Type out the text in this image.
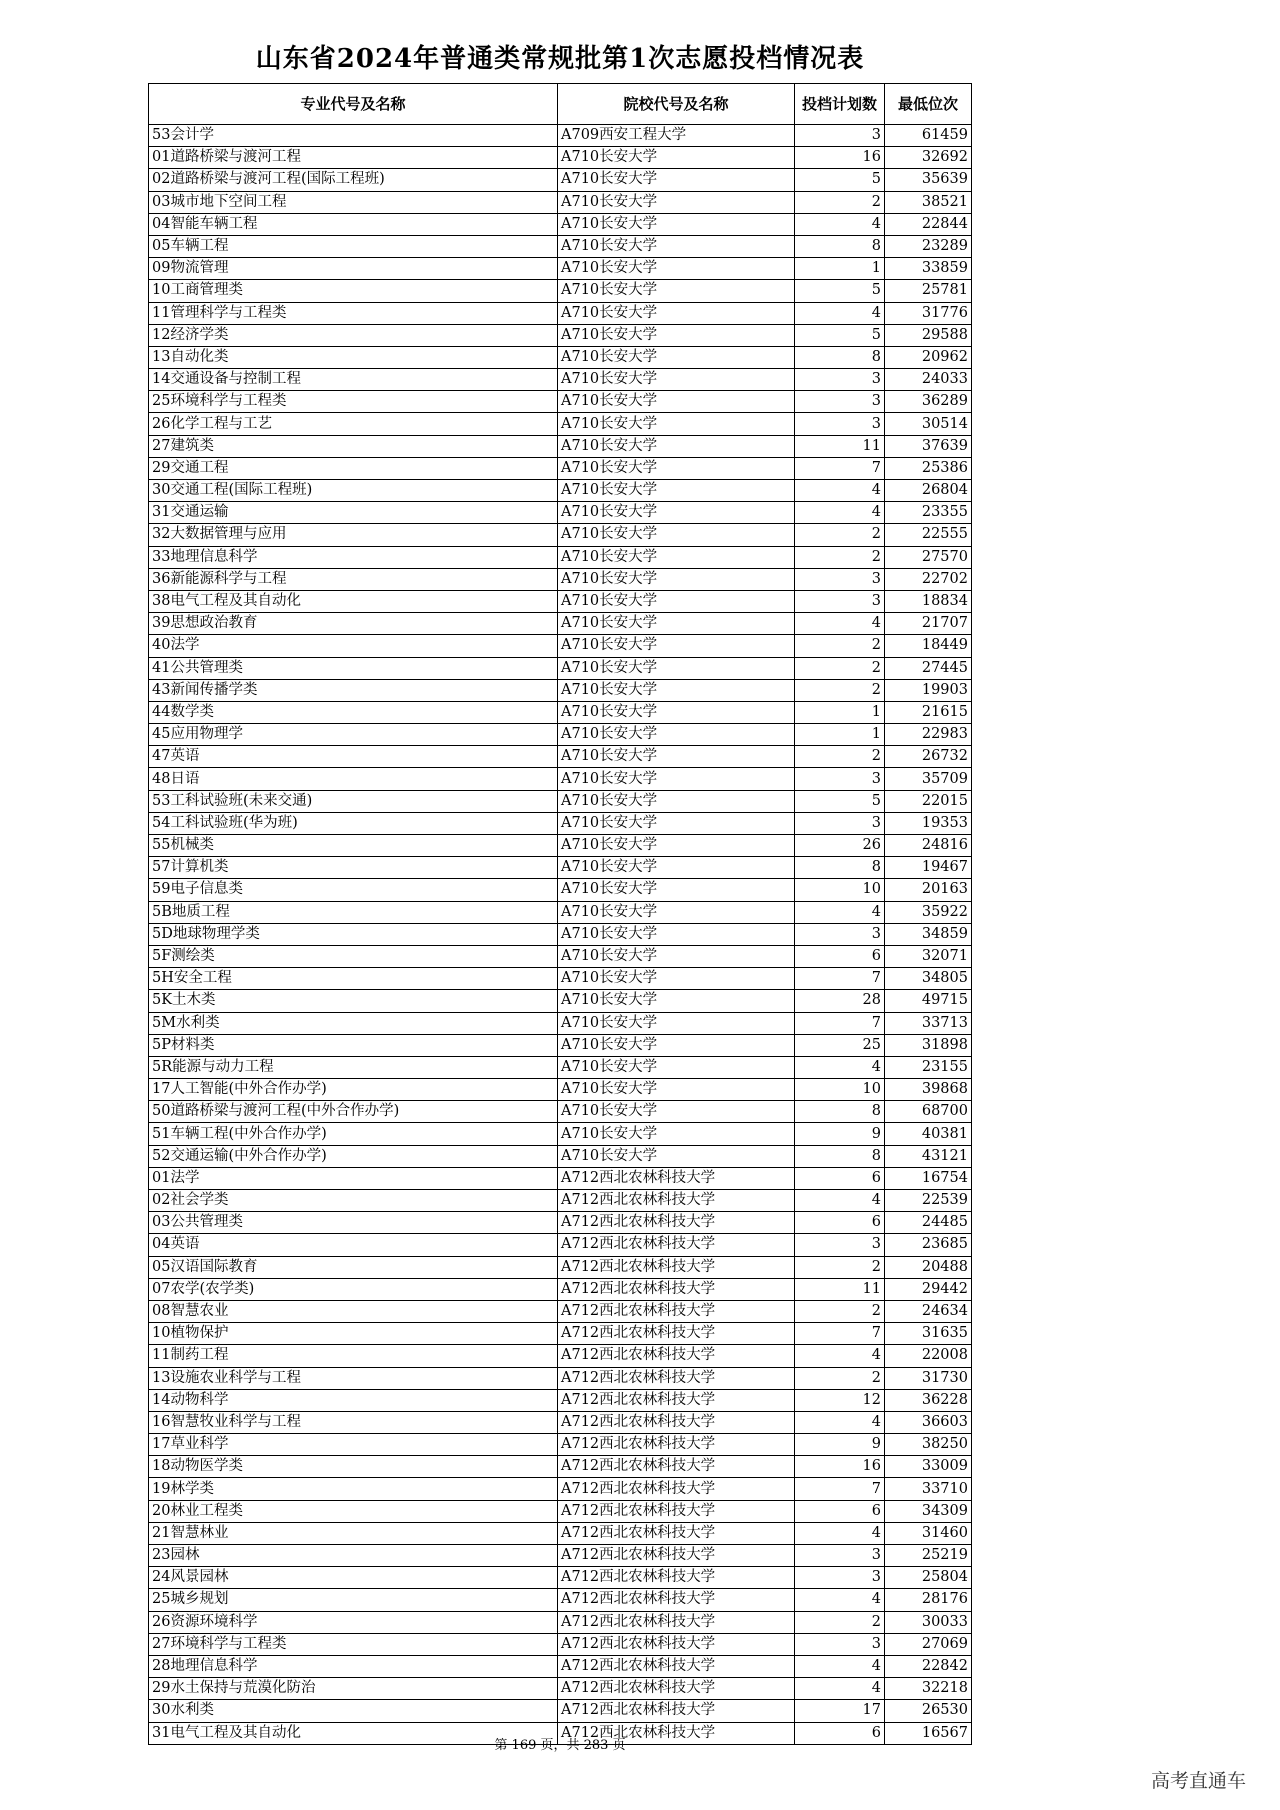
山东省2024年普通类常规批第1次志愿投档情况表
专业代号及名称	院校代号及名称	投档计划数	最低位次
53会计学	A709西安工程大学	3	61459
01道路桥梁与渡河工程	A710长安大学	16	32692
02道路桥梁与渡河工程(国际工程班)	A710长安大学	5	35639
03城市地下空间工程	A710长安大学	2	38521
04智能车辆工程	A710长安大学	4	22844
05车辆工程	A710长安大学	8	23289
09物流管理	A710长安大学	1	33859
10工商管理类	A710长安大学	5	25781
11管理科学与工程类	A710长安大学	4	31776
12经济学类	A710长安大学	5	29588
13自动化类	A710长安大学	8	20962
14交通设备与控制工程	A710长安大学	3	24033
25环境科学与工程类	A710长安大学	3	36289
26化学工程与工艺	A710长安大学	3	30514
27建筑类	A710长安大学	11	37639
29交通工程	A710长安大学	7	25386
30交通工程(国际工程班)	A710长安大学	4	26804
31交通运输	A710长安大学	4	23355
32大数据管理与应用	A710长安大学	2	22555
33地理信息科学	A710长安大学	2	27570
36新能源科学与工程	A710长安大学	3	22702
38电气工程及其自动化	A710长安大学	3	18834
39思想政治教育	A710长安大学	4	21707
40法学	A710长安大学	2	18449
41公共管理类	A710长安大学	2	27445
43新闻传播学类	A710长安大学	2	19903
44数学类	A710长安大学	1	21615
45应用物理学	A710长安大学	1	22983
47英语	A710长安大学	2	26732
48日语	A710长安大学	3	35709
53工科试验班(未来交通)	A710长安大学	5	22015
54工科试验班(华为班)	A710长安大学	3	19353
55机械类	A710长安大学	26	24816
57计算机类	A710长安大学	8	19467
59电子信息类	A710长安大学	10	20163
5B地质工程	A710长安大学	4	35922
5D地球物理学类	A710长安大学	3	34859
5F测绘类	A710长安大学	6	32071
5H安全工程	A710长安大学	7	34805
5K土木类	A710长安大学	28	49715
5M水利类	A710长安大学	7	33713
5P材料类	A710长安大学	25	31898
5R能源与动力工程	A710长安大学	4	23155
17人工智能(中外合作办学)	A710长安大学	10	39868
50道路桥梁与渡河工程(中外合作办学)	A710长安大学	8	68700
51车辆工程(中外合作办学)	A710长安大学	9	40381
52交通运输(中外合作办学)	A710长安大学	8	43121
01法学	A712西北农林科技大学	6	16754
02社会学类	A712西北农林科技大学	4	22539
03公共管理类	A712西北农林科技大学	6	24485
04英语	A712西北农林科技大学	3	23685
05汉语国际教育	A712西北农林科技大学	2	20488
07农学(农学类)	A712西北农林科技大学	11	29442
08智慧农业	A712西北农林科技大学	2	24634
10植物保护	A712西北农林科技大学	7	31635
11制药工程	A712西北农林科技大学	4	22008
13设施农业科学与工程	A712西北农林科技大学	2	31730
14动物科学	A712西北农林科技大学	12	36228
16智慧牧业科学与工程	A712西北农林科技大学	4	36603
17草业科学	A712西北农林科技大学	9	38250
18动物医学类	A712西北农林科技大学	16	33009
19林学类	A712西北农林科技大学	7	33710
20林业工程类	A712西北农林科技大学	6	34309
21智慧林业	A712西北农林科技大学	4	31460
23园林	A712西北农林科技大学	3	25219
24风景园林	A712西北农林科技大学	3	25804
25城乡规划	A712西北农林科技大学	4	28176
26资源环境科学	A712西北农林科技大学	2	30033
27环境科学与工程类	A712西北农林科技大学	3	27069
28地理信息科学	A712西北农林科技大学	4	22842
29水土保持与荒漠化防治	A712西北农林科技大学	4	32218
30水利类	A712西北农林科技大学	17	26530
31电气工程及其自动化	A712西北农林科技大学	6	16567
第 169 页，共 283 页
高考直通车
